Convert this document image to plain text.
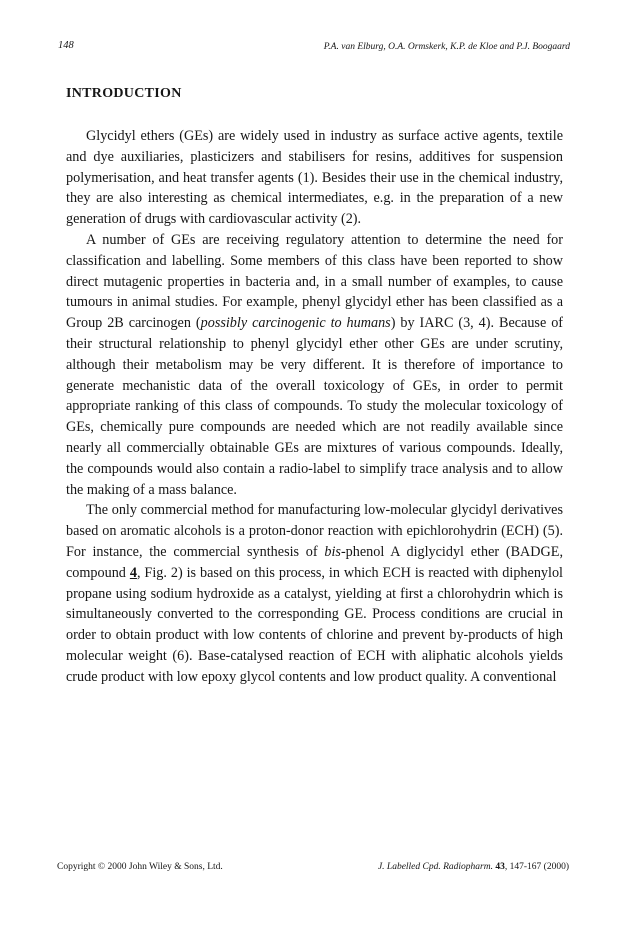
148	P.A. van Elburg, O.A. Ormskerk, K.P. de Kloe and P.J. Boogaard
INTRODUCTION

Glycidyl ethers (GEs) are widely used in industry as surface active agents, textile and dye auxiliaries, plasticizers and stabilisers for resins, additives for suspension polymerisation, and heat transfer agents (1). Besides their use in the chemical industry, they are also interesting as chemical intermediates, e.g. in the preparation of a new generation of drugs with cardiovascular activity (2).

A number of GEs are receiving regulatory attention to determine the need for classification and labelling. Some members of this class have been reported to show direct mutagenic properties in bacteria and, in a small number of examples, to cause tumours in animal studies. For example, phenyl glycidyl ether has been classified as a Group 2B carcinogen (possibly carcinogenic to humans) by IARC (3, 4). Because of their structural relationship to phenyl glycidyl ether other GEs are under scrutiny, although their metabolism may be very different. It is therefore of importance to generate mechanistic data of the overall toxicology of GEs, in order to permit appropriate ranking of this class of compounds. To study the molecular toxicology of GEs, chemically pure compounds are needed which are not readily available since nearly all commercially obtainable GEs are mixtures of various compounds. Ideally, the compounds would also contain a radio-label to simplify trace analysis and to allow the making of a mass balance.

The only commercial method for manufacturing low-molecular glycidyl derivatives based on aromatic alcohols is a proton-donor reaction with epichlorohydrin (ECH) (5). For instance, the commercial synthesis of bis-phenol A diglycidyl ether (BADGE, compound 4, Fig. 2) is based on this process, in which ECH is reacted with diphenylol propane using sodium hydroxide as a catalyst, yielding at first a chlorohydrin which is simultaneously converted to the corresponding GE. Process conditions are crucial in order to obtain product with low contents of chlorine and prevent by-products of high molecular weight (6). Base-catalysed reaction of ECH with aliphatic alcohols yields crude product with low epoxy glycol contents and low product quality. A conventional

Copyright © 2000 John Wiley & Sons, Ltd.	J. Labelled Cpd. Radiopharm. 43, 147-167 (2000)
